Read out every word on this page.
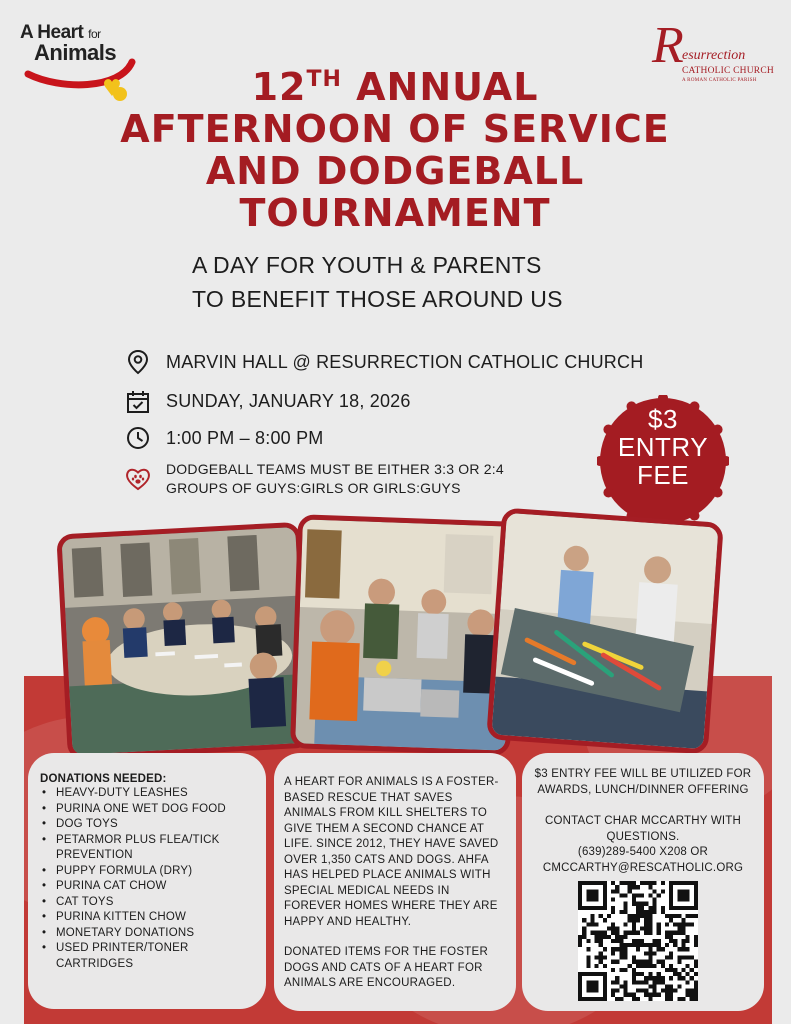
A Heart for
Animals	R
esurrection
CATHOLIC CHURCH
A ROMAN CATHOLIC PARISH
12TH ANNUAL
AFTERNOON OF SERVICE
AND DODGEBALL
TOURNAMENT
A DAY FOR YOUTH & PARENTS
TO BENEFIT THOSE AROUND US
MARVIN HALL @ RESURRECTION CATHOLIC CHURCH
SUNDAY, JANUARY 18, 2026
1:00 PM – 8:00 PM
DODGEBALL TEAMS MUST BE EITHER 3:3 OR 2:4
GROUPS OF GUYS:GIRLS OR GIRLS:GUYS
$3
ENTRY
FEE
DONATIONS NEEDED:
• HEAVY-DUTY LEASHES
• PURINA ONE WET DOG FOOD
• DOG TOYS
• PETARMOR PLUS FLEA/TICK PREVENTION
• PUPPY FORMULA (DRY)
• PURINA CAT CHOW
• CAT TOYS
• PURINA KITTEN CHOW
• MONETARY DONATIONS
• USED PRINTER/TONER CARTRIDGES

A HEART FOR ANIMALS IS A FOSTER-BASED RESCUE THAT SAVES ANIMALS FROM KILL SHELTERS TO GIVE THEM A SECOND CHANCE AT LIFE. SINCE 2012, THEY HAVE SAVED OVER 1,350 CATS AND DOGS. AHFA HAS HELPED PLACE ANIMALS WITH SPECIAL MEDICAL NEEDS IN FOREVER HOMES WHERE THEY ARE HAPPY AND HEALTHY.

DONATED ITEMS FOR THE FOSTER DOGS AND CATS OF A HEART FOR ANIMALS ARE ENCOURAGED.

$3 ENTRY FEE WILL BE UTILIZED FOR AWARDS, LUNCH/DINNER OFFERING

CONTACT CHAR MCCARTHY WITH QUESTIONS.

(639)289-5400 X208 OR

CMCCARTHY@RESCATHOLIC.ORG
